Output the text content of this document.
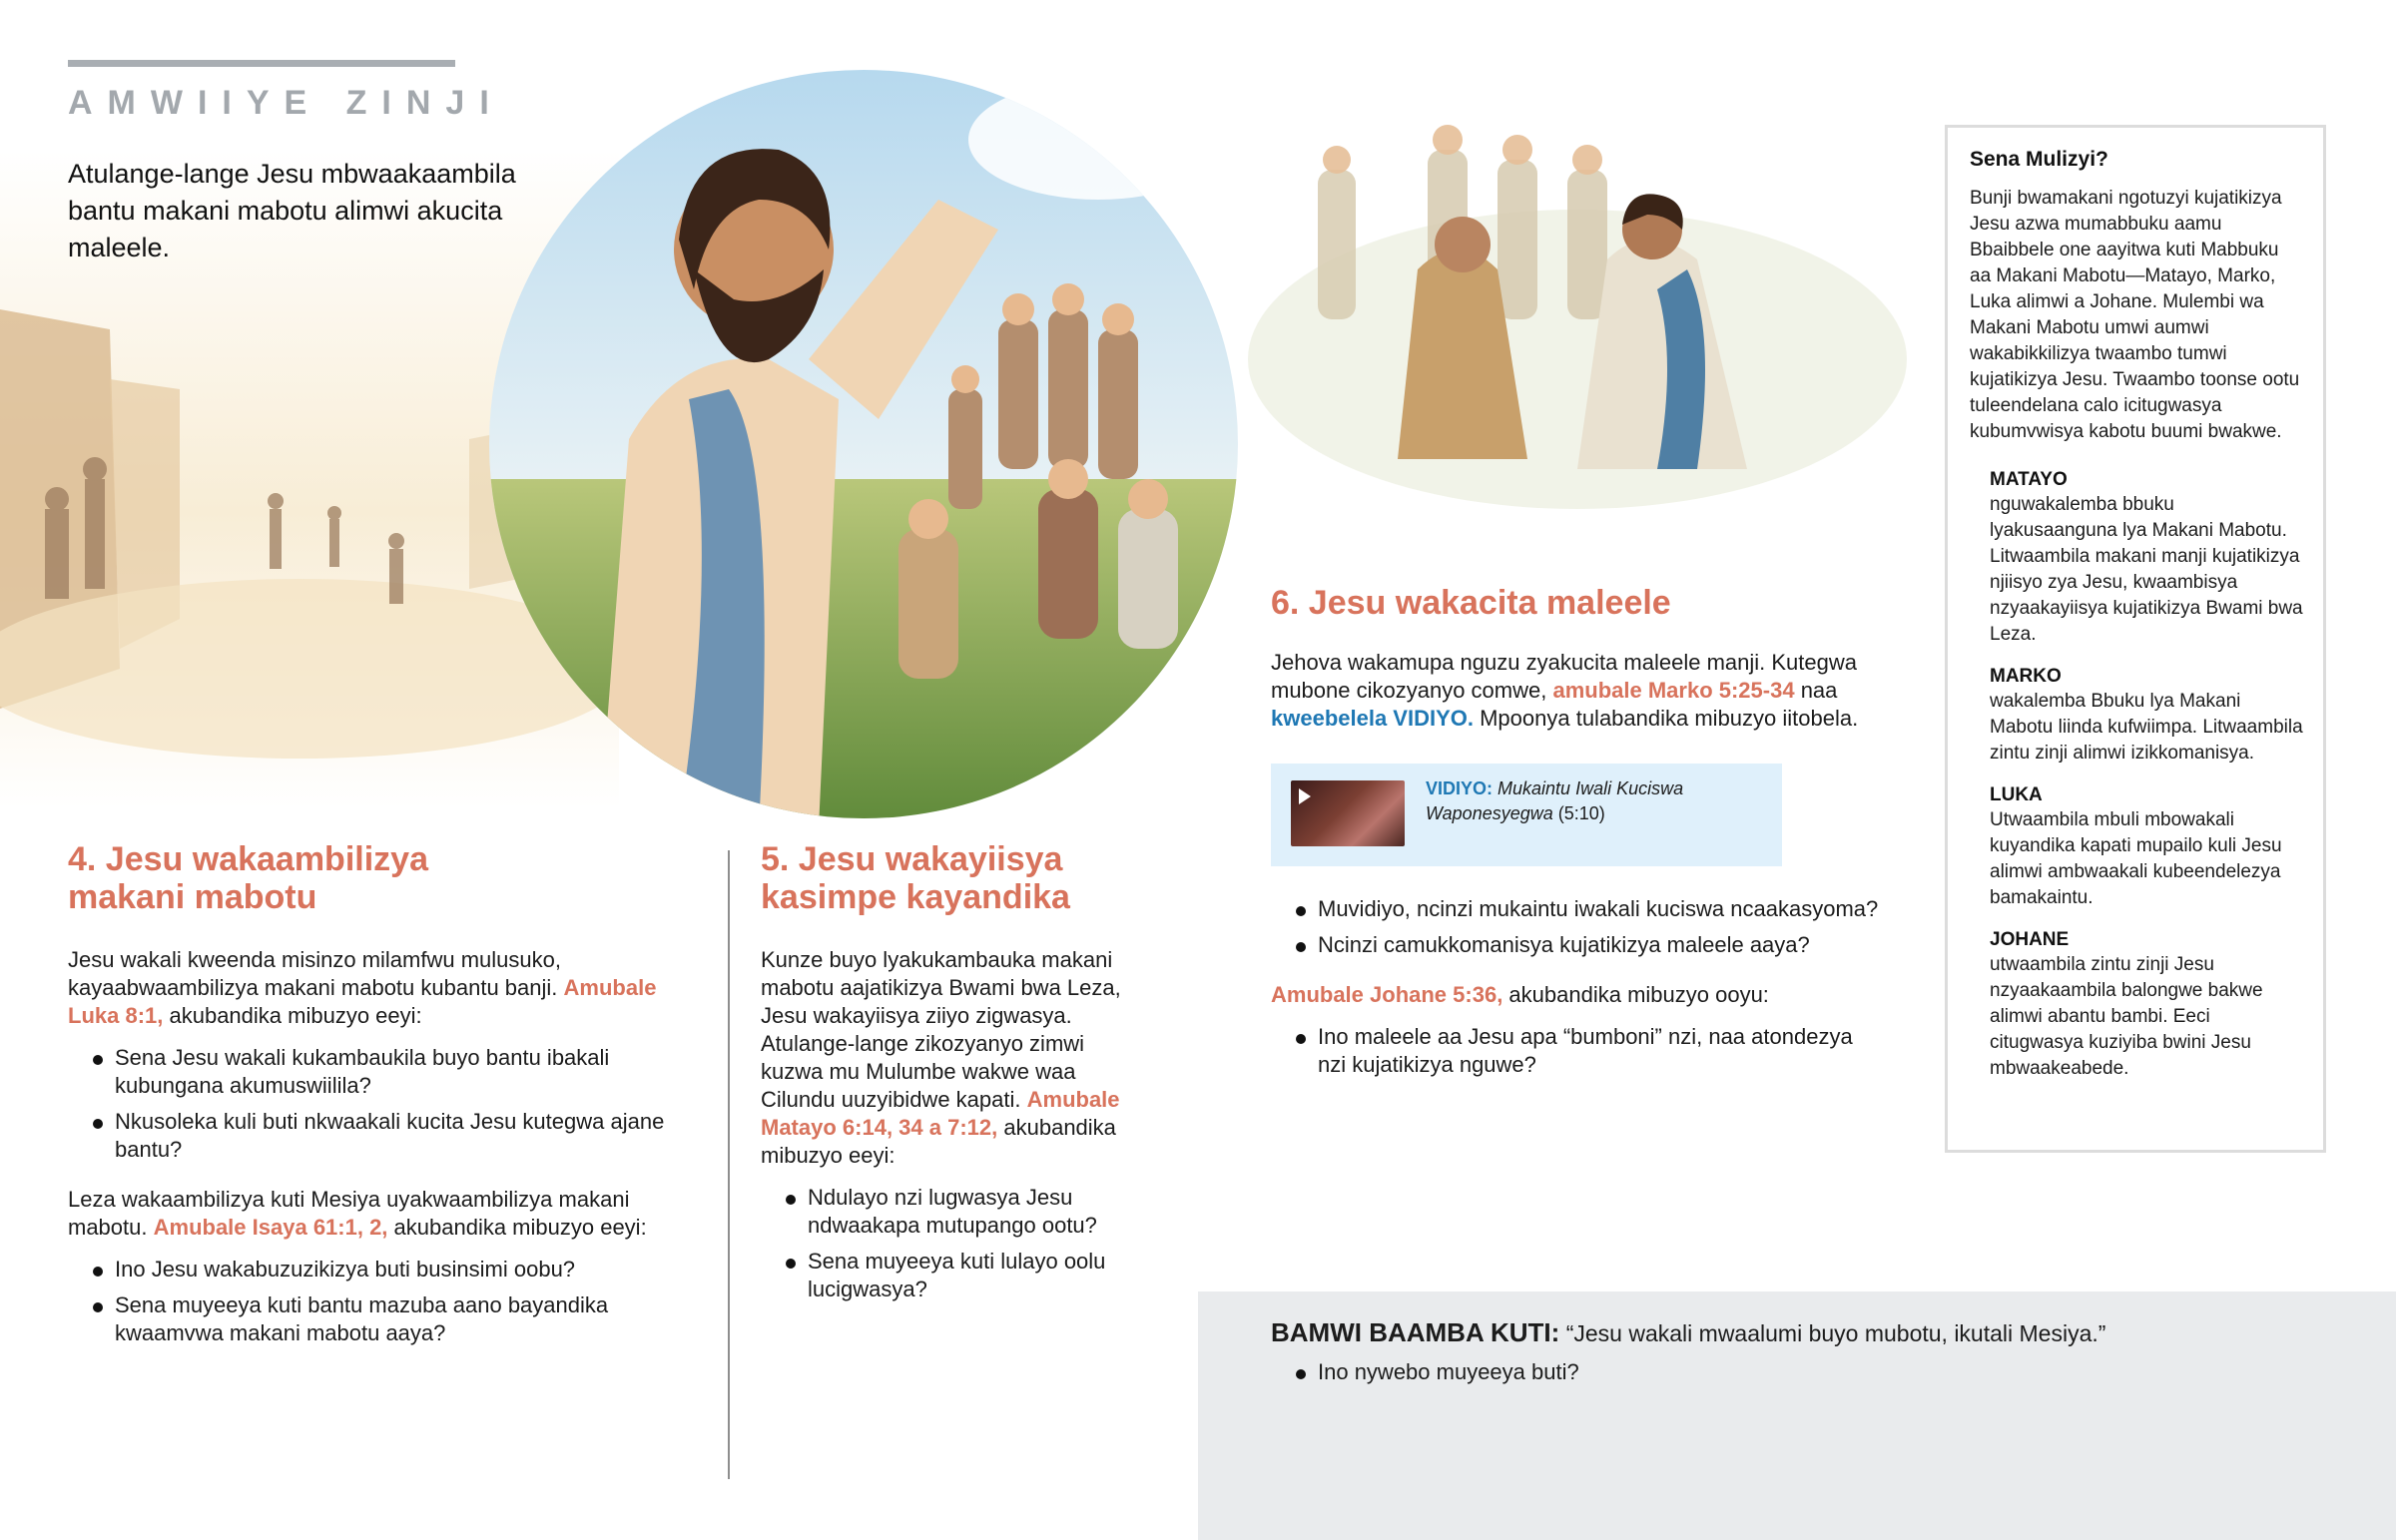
AMWIIYE ZINJI
Atulange-lange Jesu mbwaakaambila bantu makani mabotu alimwi akucita maleele.
4. Jesu wakaambilizya makani mabotu

Jesu wakali kweenda misinzo milamfwu mulusuko, kayaabwaambilizya makani mabotu kubantu banji. Amubale Luka 8:1, akubandika mibuzyo eeyi:

Sena Jesu wakali kukambaukila buyo bantu ibakali kubungana akumuswiilila?
Nkusoleka kuli buti nkwaakali kucita Jesu kutegwa ajane bantu?

Leza wakaambilizya kuti Mesiya uyakwaambilizya makani mabotu. Amubale Isaya 61:1, 2, akubandika mibuzyo eeyi:

Ino Jesu wakabuzuzikizya buti businsimi oobu?
Sena muyeeya kuti bantu mazuba aano bayandika kwaamvwa makani mabotu aaya?
5. Jesu wakayiisya kasimpe kayandika

Kunze buyo lyakukambauka makani mabotu aajatikizya Bwami bwa Leza, Jesu wakayiisya ziiyo zigwasya. Atulange-lange zikozyanyo zimwi kuzwa mu Mulumbe wakwe waa Cilundu uuzyibidwe kapati. Amubale Matayo 6:14, 34 a 7:12, akubandika mibuzyo eeyi:

Ndulayo nzi lugwasya Jesu ndwaakapa mutupango ootu?
Sena muyeeya kuti lulayo oolu lucigwasya?
6. Jesu wakacita maleele

Jehova wakamupa nguzu zyakucita maleele manji. Kutegwa mubone cikozyanyo comwe, amubale Marko 5:25-34 naa kweebelela VIDIYO. Mpoonya tulabandika mibuzyo iitobela.

VIDIYO: Mukaintu Iwali Kuciswa Waponesyegwa (5:10)
Muvidiyo, ncinzi mukaintu iwakali kuciswa ncaakasyoma?
Ncinzi camukkomanisya kujatikizya maleele aaya?

Amubale Johane 5:36, akubandika mibuzyo ooyu:

Ino maleele aa Jesu apa “bumboni” nzi, naa atondezya nzi kujatikizya nguwe?
Sena Mulizyi?
Bunji bwamakani ngotuzyi kujatikizya Jesu azwa mumabbuku aamu Bbaibbele one aayitwa kuti Mabbuku aa Makani Mabotu—Matayo, Marko, Luka alimwi a Johane. Mulembi wa Makani Mabotu umwi aumwi wakabikkilizya twaambo tumwi kujatikizya Jesu. Twaambo toonse ootu tuleendelana calo icitugwasya kubumvwisya kabotu buumi bwakwe.
MATAYO
nguwakalemba bbuku lyakusaanguna lya Makani Mabotu. Litwaambila makani manji kujatikizya njiisyo zya Jesu, kwaambisya nzyaakayiisya kujatikizya Bwami bwa Leza.
MARKO
wakalemba Bbuku lya Makani Mabotu liinda kufwiimpa. Litwaambila zintu zinji alimwi izikkomanisya.
LUKA
Utwaambila mbuli mbowakali kuyandika kapati mupailo kuli Jesu alimwi ambwaakali kubeendelezya bamakaintu.
JOHANE
utwaambila zintu zinji Jesu nzyaakaambila balongwe bakwe alimwi abantu bambi. Eeci citugwasya kuziyiba bwini Jesu mbwaakeabede.
BAMWI BAAMBA KUTI: “Jesu wakali mwaalumi buyo mubotu, ikutali Mesiya.”
Ino nywebo muyeeya buti?
